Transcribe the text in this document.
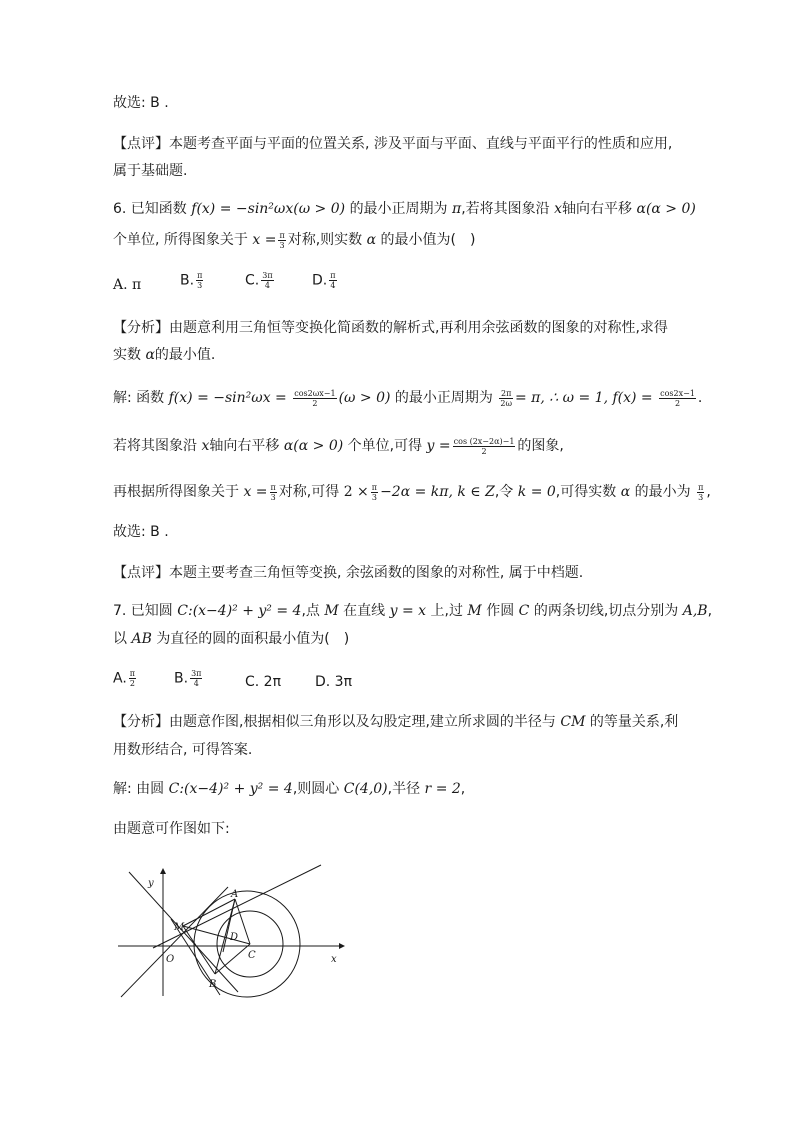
故选: B .
【点评】本题考查平面与平面的位置关系, 涉及平面与平面、直线与平面平行的性质和应用,
属于基础题.
6. 已知函数 f(x) = −sin²ωx(ω > 0) 的最小正周期为 π,若将其图象沿 x轴向右平移 α(α > 0)
个单位, 所得图象关于 $x = \frac{\pi}{3}$ 对称,则实数 α 的最小值为(　)
A. π	B. $\frac{\pi}{3}$	C. $\frac{3\pi}{4}$	D. $\frac{\pi}{4}$
【分析】由题意利用三角恒等变换化简函数的解析式,再利用余弦函数的图象的对称性,求得
实数 α的最小值.
解: 函数 $f(x) = -\sin^2\omega x = \frac{\cos 2\omega x-1}{2} (\omega > 0)$ 的最小正周期为 $\frac{2\pi}{2\omega} = \pi$, ∴ ω = 1, $f(x) = \frac{\cos 2x-1}{2}$ .
若将其图象沿 x轴向右平移 α(α > 0) 个单位,可得 $y = \frac{\cos (2x-2\alpha)-1}{2}$ 的图象,
再根据所得图象关于 $x = \frac{\pi}{3}$ 对称,可得 $2 \times \frac{\pi}{3} -2\alpha = k\pi$, k ∈ Z,令 k = 0,可得实数 α 的最小为 $\frac{\pi}{3}$ ,
故选: B .
【点评】本题主要考查三角恒等变换, 余弦函数的图象的对称性, 属于中档题.
7. 已知圆 C:(x−4)² + y² = 4,点 M 在直线 y = x 上,过 M 作圆 C 的两条切线,切点分别为 A,B,
以 AB 为直径的圆的面积最小值为(　)
A. $\frac{\pi}{2}$	B. $\frac{3\pi}{4}$	C. 2π D. 3π
【分析】由题意作图,根据相似三角形以及勾股定理,建立所求圆的半径与 CM 的等量关系,利
用数形结合, 可得答案.
解: 由圆 C:(x−4)² + y² = 4,则圆心 C(4,0),半径 r = 2,
由题意可作图如下:
y
x
O
M
A
D
C
B
